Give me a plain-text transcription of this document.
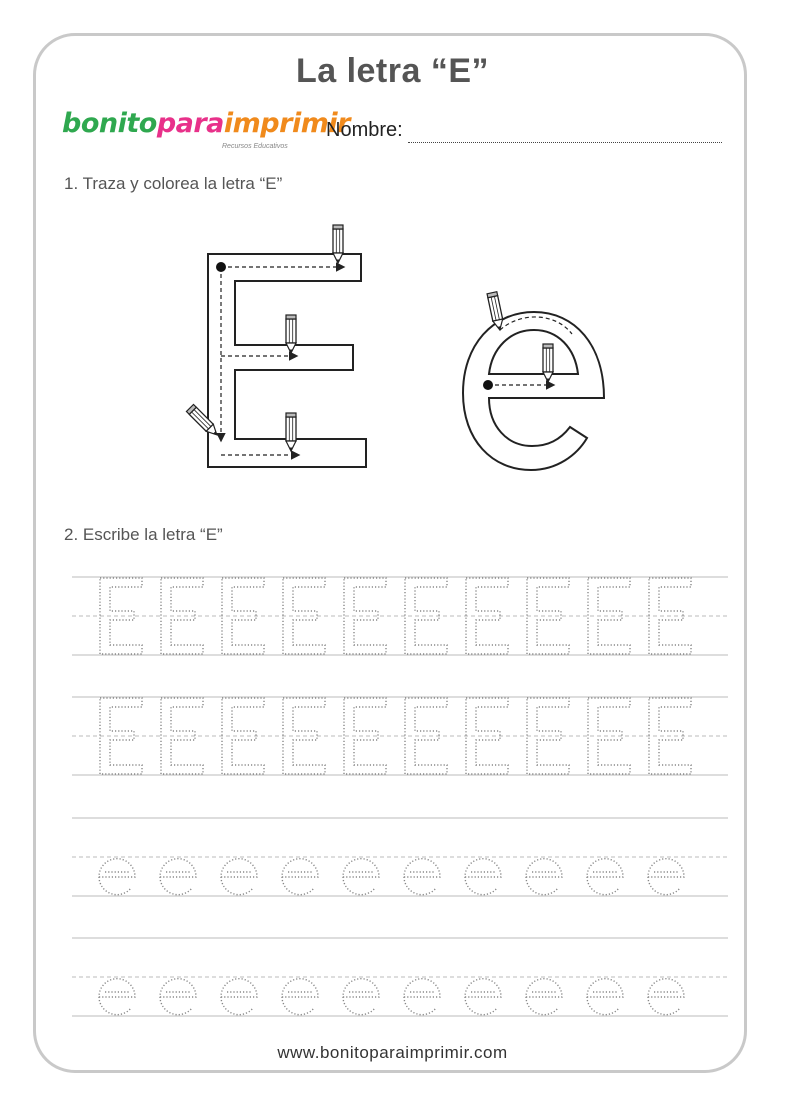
La letra “E”
bonitoparaimprimir
Recursos Educativos
Nombre:
1. Traza y colorea la letra “E”
2. Escribe la letra “E”
www.bonitoparaimprimir.com
